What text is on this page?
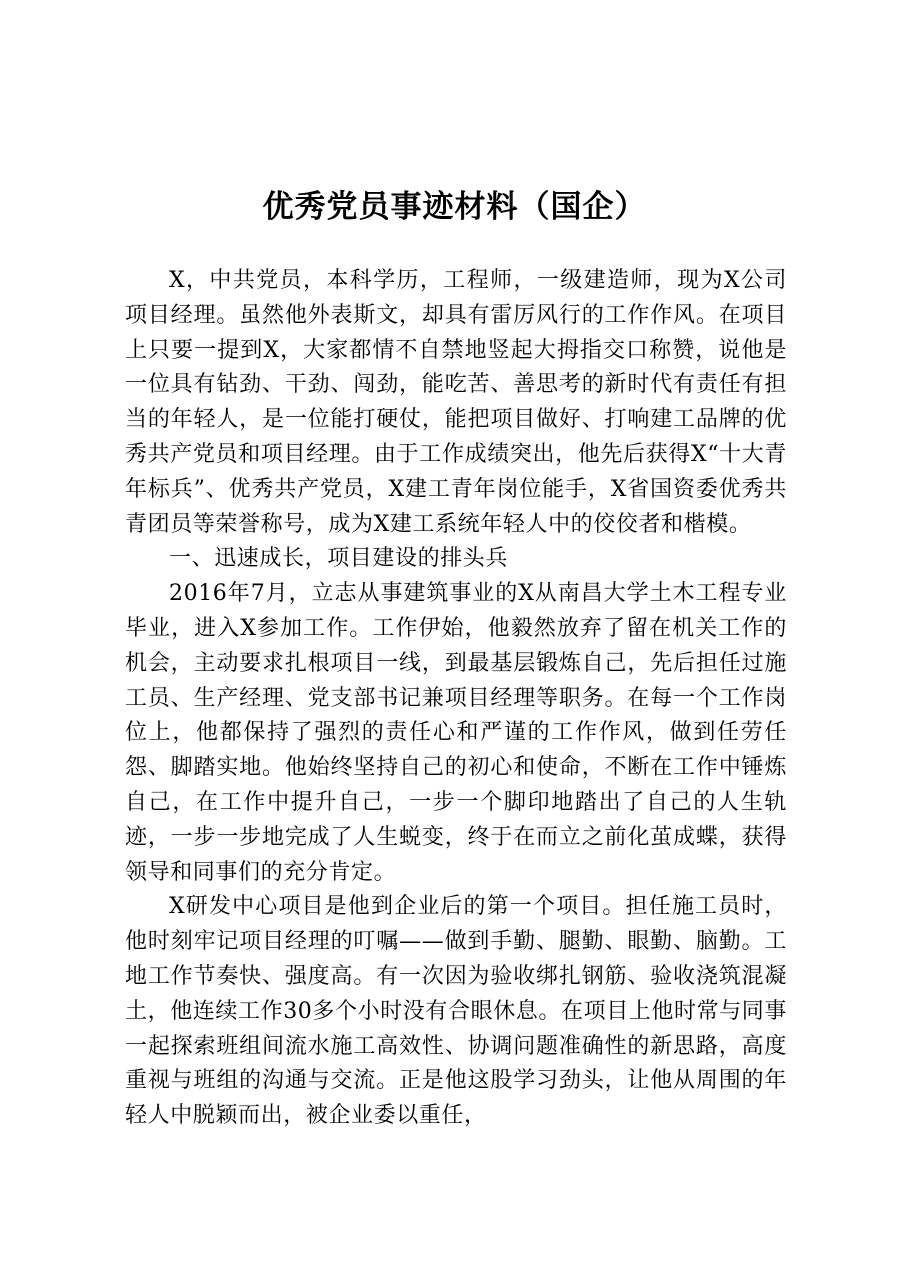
优秀党员事迹材料（国企）

X，中共党员，本科学历，工程师，一级建造师，现为X公司项目经理。虽然他外表斯文，却具有雷厉风行的工作作风。在项目上只要一提到X，大家都情不自禁地竖起大拇指交口称赞，说他是一位具有钻劲、干劲、闯劲，能吃苦、善思考的新时代有责任有担当的年轻人，是一位能打硬仗，能把项目做好、打响建工品牌的优秀共产党员和项目经理。由于工作成绩突出，他先后获得X“十大青年标兵”、优秀共产党员，X建工青年岗位能手，X省国资委优秀共青团员等荣誉称号，成为X建工系统年轻人中的佼佼者和楷模。

一、迅速成长，项目建设的排头兵

2016年7月，立志从事建筑事业的X从南昌大学土木工程专业毕业，进入X参加工作。工作伊始，他毅然放弃了留在机关工作的机会，主动要求扎根项目一线，到最基层锻炼自己，先后担任过施工员、生产经理、党支部书记兼项目经理等职务。在每一个工作岗位上，他都保持了强烈的责任心和严谨的工作作风，做到任劳任怨、脚踏实地。他始终坚持自己的初心和使命，不断在工作中锤炼自己，在工作中提升自己，一步一个脚印地踏出了自己的人生轨迹，一步一步地完成了人生蜕变，终于在而立之前化茧成蝶，获得领导和同事们的充分肯定。

X研发中心项目是他到企业后的第一个项目。担任施工员时，他时刻牢记项目经理的叮嘱——做到手勤、腿勤、眼勤、脑勤。工地工作节奏快、强度高。有一次因为验收绑扎钢筋、验收浇筑混凝土，他连续工作30多个小时没有合眼休息。在项目上他时常与同事一起探索班组间流水施工高效性、协调问题准确性的新思路，高度重视与班组的沟通与交流。正是他这股学习劲头，让他从周围的年轻人中脱颖而出，被企业委以重任，
